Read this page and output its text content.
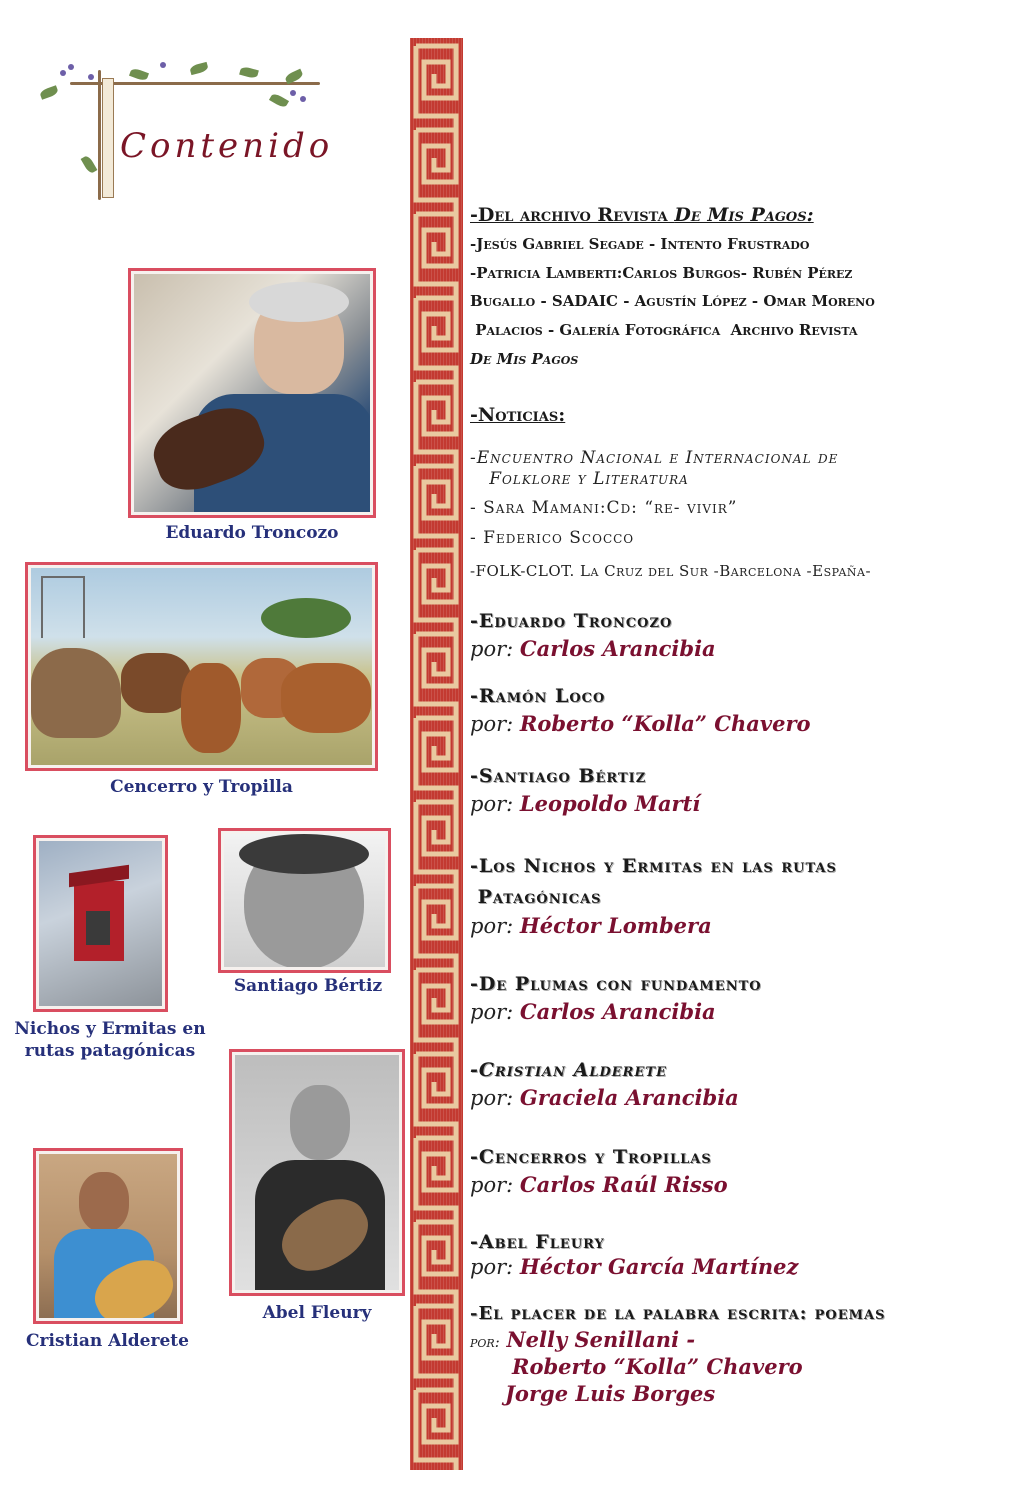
Contenido
Eduardo Troncozo
Cencerro y Tropilla
Nichos y Ermitas en rutas patagónicas
Santiago Bértiz
Abel Fleury
Cristian Alderete
-Del archivo Revista De Mis Pagos:
-Jesús Gabriel Segade - Intento Frustrado
-Patricia Lamberti:Carlos Burgos- Rubén Pérez
Bugallo - SADAIC - Agustín López - Omar Moreno
Palacios - Galería Fotográfica  Archivo Revista
De Mis Pagos
-Noticias:
-Encuentro Nacional e Internacional de
Folklore y Literatura
- Sara Mamani:Cd: “re- vivir”
- Federico Scocco
-FOLK-CLOT. La Cruz del Sur -Barcelona -España-
-Eduardo Troncozo
por: Carlos Arancibia
-Ramón Loco
por: Roberto “Kolla” Chavero
-Santiago Bértiz
por: Leopoldo Martí
-Los Nichos y Ermitas en las rutas
Patagónicas
por: Héctor Lombera
-De Plumas con fundamento
por: Carlos Arancibia
-Cristian Alderete
por: Graciela Arancibia
-Cencerros y Tropillas
por: Carlos Raúl Risso
-Abel Fleury
por: Héctor García Martínez
-El placer de la palabra escrita: poemas
por: Nelly Senillani -
Roberto “Kolla” Chavero
Jorge Luis Borges
